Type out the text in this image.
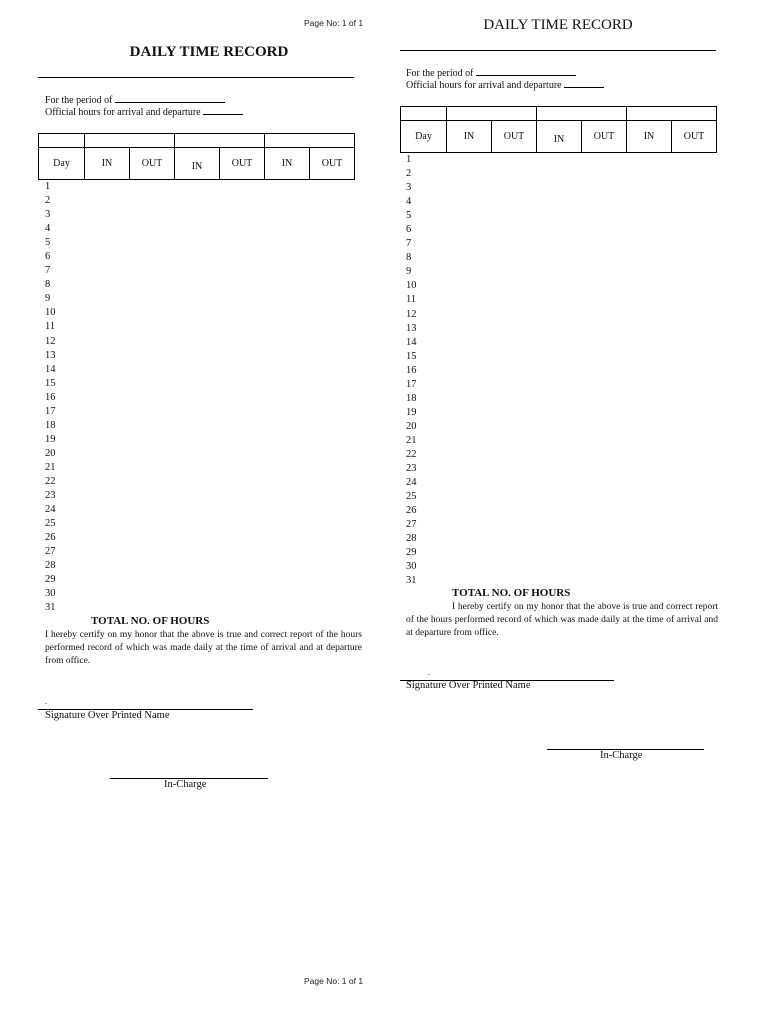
Page No: 1 of 1
Page No: 1 of 1
DAILY TIME RECORD
For the period of
Official hours for arrival and departure

Day	IN	OUT	IN	OUT	IN	OUT
1
2
3
4
5
6
7
8
9
10
11
12
13
14
15
16
17
18
19
20
21
22
23
24
25
26
27
28
29
30
31
TOTAL NO. OF HOURS
I hereby certify on my honor that the above is true and correct report of the hours performed record of which was made daily at the time of arrival and at departure from office.
.
Signature Over Printed Name
In-Charge
DAILY TIME RECORD
For the period of
Official hours for arrival and departure

Day	IN	OUT	IN	OUT	IN	OUT
1
2
3
4
5
6
7
8
9
10
11
12
13
14
15
16
17
18
19
20
21
22
23
24
25
26
27
28
29
30
31
TOTAL NO. OF HOURS
I hereby certify on my honor that the above is true and correct report of the hours performed record of which was made daily at the time of arrival and at departure from office.
.
Signature Over Printed Name
In-Charge
